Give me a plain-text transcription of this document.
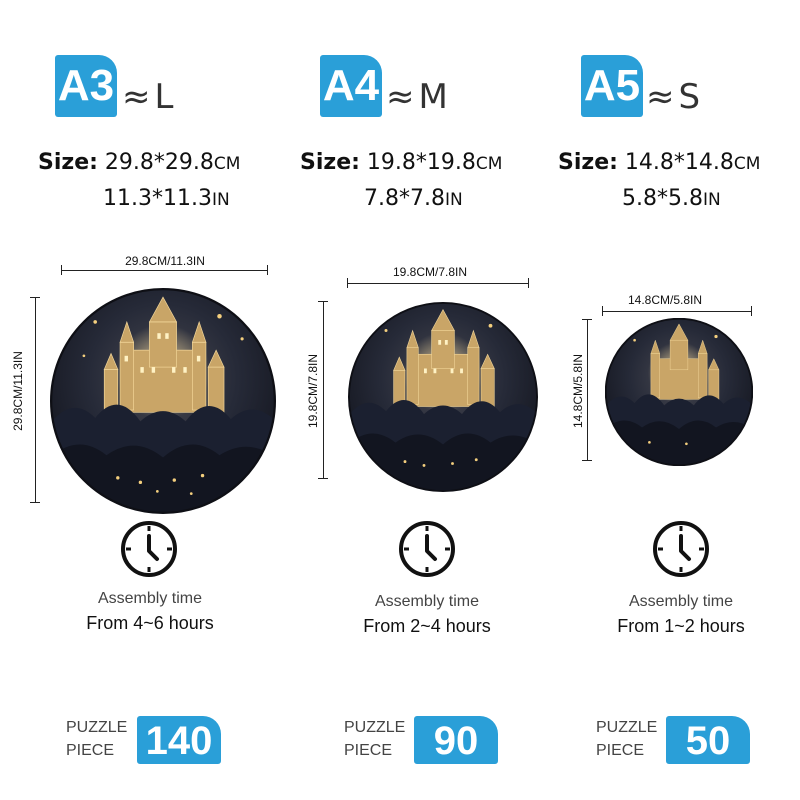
A3 ≈ L
Size: 29.8*29.8CM
11.3*11.3IN
29.8CM/11.3IN
29.8CM/11.3IN
Assembly time
From 4~6 hours
PUZZLE
PIECE 140
A4 ≈ M
Size: 19.8*19.8CM
7.8*7.8IN
19.8CM/7.8IN
19.8CM/7.8IN
Assembly time
From 2~4 hours
PUZZLE
PIECE	90
A5 ≈ S
Size: 14.8*14.8CM
5.8*5.8IN
14.8CM/5.8IN
14.8CM/5.8IN
Assembly time
From 1~2 hours
PUZZLE
PIECE	50
